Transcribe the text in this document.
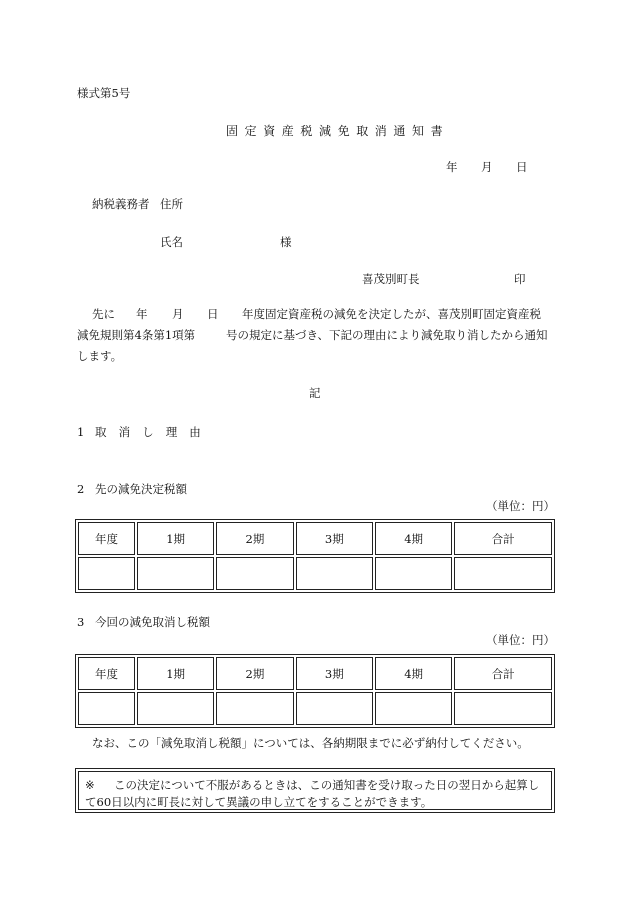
様式第5号
固定資産税減免取消通知書
年 月 日
納税義務者 住所
氏名	様
喜茂別町長	印
先に 年 月 日 年度固定資産税の減免を決定したが、喜茂別町固定資産税
減免規則第4条第1項第	号の規定に基づき、下記の理由により減免取り消したから通知
します。
記
1 取消し理由
2 先の減免決定税額
（単位：円）
年度	1期	2期	3期	4期	合計

3 今回の減免取消し税額
（単位：円）
年度	1期	2期	3期	4期	合計

なお、この「減免取消し税額」については、各納期限までに必ず納付してください。
※ この決定について不服があるときは、この通知書を受け取った日の翌日から起算して60日以内に町長に対して異議の申し立てをすることができます。
